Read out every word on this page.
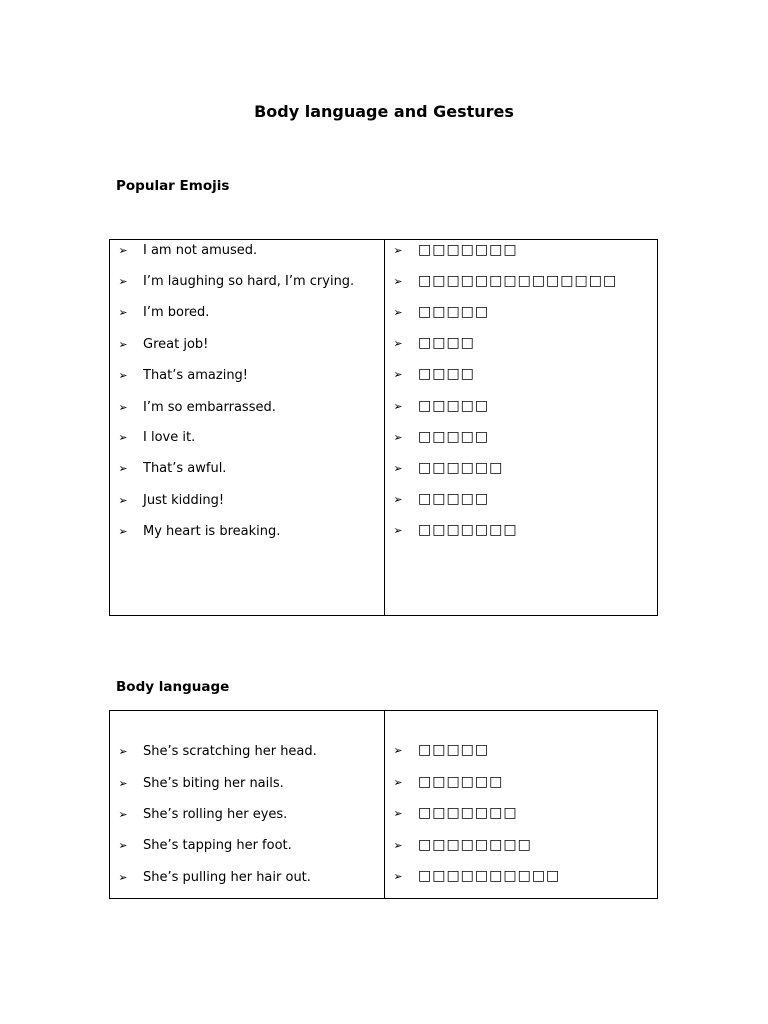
Body language and Gestures
Popular Emojis
➢ I am not amused.
➢ I’m laughing so hard, I’m crying.
➢ I’m bored.
➢ Great job!
➢ That’s amazing!
➢ I’m so embarrassed.
➢ I love it.
➢ That’s awful.
➢ Just kidding!
➢ My heart is breaking.
➢ □□□□□□□
➢ □□□□□□□□□□□□□□
➢ □□□□□
➢ □□□□
➢ □□□□
➢ □□□□□
➢ □□□□□
➢ □□□□□□
➢ □□□□□
➢ □□□□□□□
Body language
➢ She’s scratching her head.
➢ She’s biting her nails.
➢ She’s rolling her eyes.
➢ She’s tapping her foot.
➢ She’s pulling her hair out.
➢ □□□□□
➢ □□□□□□
➢ □□□□□□□
➢ □□□□□□□□
➢ □□□□□□□□□□
